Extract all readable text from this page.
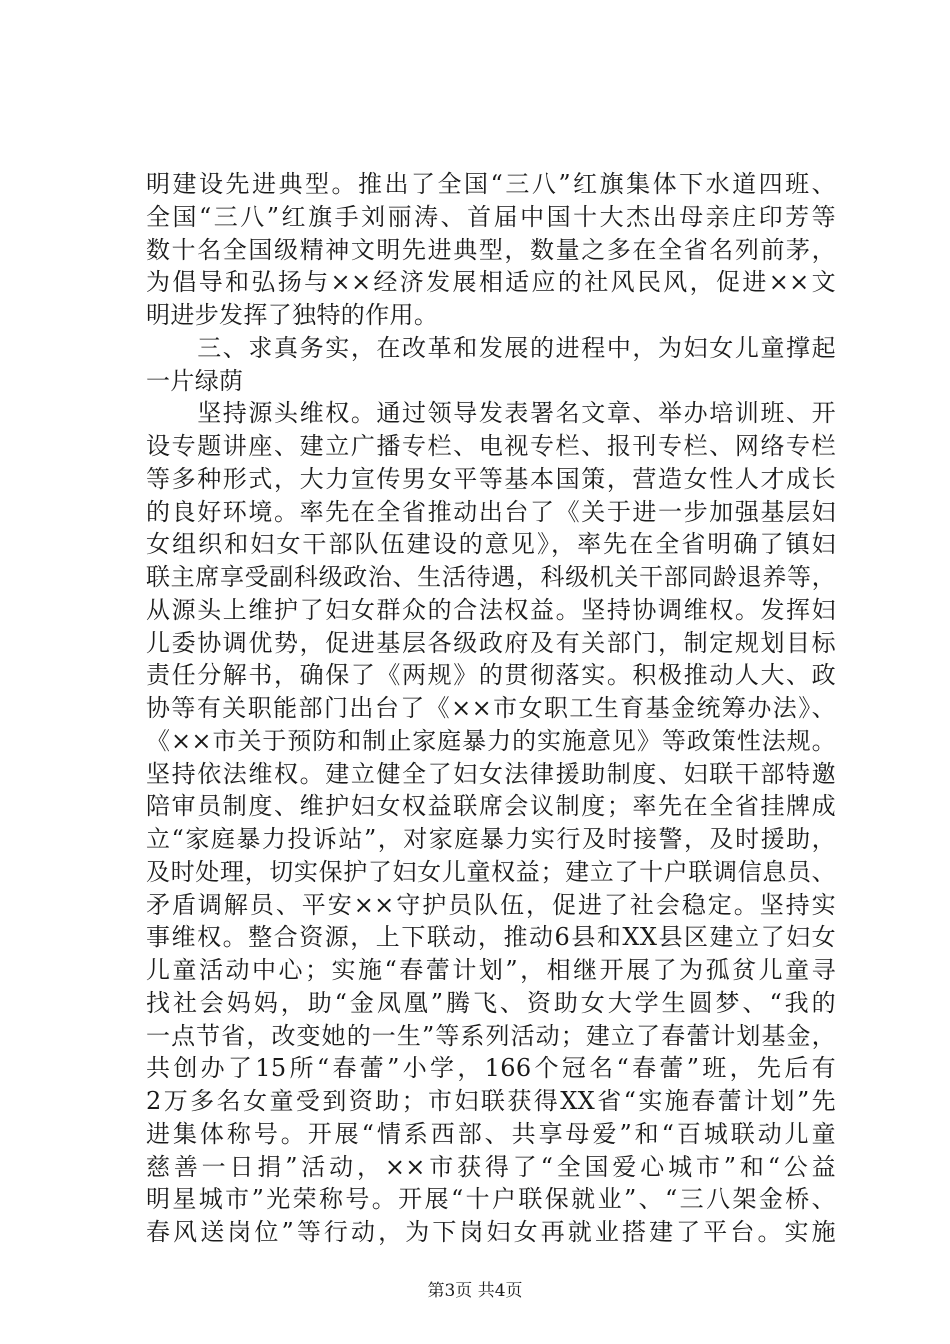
明建设先进典型。推出了全国“三八”红旗集体下水道四班、
全国“三八”红旗手刘丽涛、首届中国十大杰出母亲庄印芳等
数十名全国级精神文明先进典型，数量之多在全省名列前茅，
为倡导和弘扬与××经济发展相适应的社风民风，促进××文
明进步发挥了独特的作用。
　　三、求真务实，在改革和发展的进程中，为妇女儿童撑起
一片绿荫
　　坚持源头维权。通过领导发表署名文章、举办培训班、开
设专题讲座、建立广播专栏、电视专栏、报刊专栏、网络专栏
等多种形式，大力宣传男女平等基本国策，营造女性人才成长
的良好环境。率先在全省推动出台了《关于进一步加强基层妇
女组织和妇女干部队伍建设的意见》，率先在全省明确了镇妇
联主席享受副科级政治、生活待遇，科级机关干部同龄退养等，
从源头上维护了妇女群众的合法权益。坚持协调维权。发挥妇
儿委协调优势，促进基层各级政府及有关部门，制定规划目标
责任分解书，确保了《两规》的贯彻落实。积极推动人大、政
协等有关职能部门出台了《××市女职工生育基金统筹办法》、
《××市关于预防和制止家庭暴力的实施意见》等政策性法规。
坚持依法维权。建立健全了妇女法律援助制度、妇联干部特邀
陪审员制度、维护妇女权益联席会议制度；率先在全省挂牌成
立“家庭暴力投诉站”，对家庭暴力实行及时接警，及时援助，
及时处理，切实保护了妇女儿童权益；建立了十户联调信息员、
矛盾调解员、平安××守护员队伍，促进了社会稳定。坚持实
事维权。整合资源，上下联动，推动6县和XX县区建立了妇女
儿童活动中心；实施“春蕾计划”，相继开展了为孤贫儿童寻
找社会妈妈，助“金凤凰”腾飞、资助女大学生圆梦、“我的
一点节省，改变她的一生”等系列活动；建立了春蕾计划基金，
共创办了15所“春蕾”小学，166个冠名“春蕾”班，先后有
2万多名女童受到资助；市妇联获得XX省“实施春蕾计划”先
进集体称号。开展“情系西部、共享母爱”和“百城联动儿童
慈善一日捐”活动，××市获得了“全国爱心城市”和“公益
明星城市”光荣称号。开展“十户联保就业”、“三八架金桥、
春风送岗位”等行动，为下岗妇女再就业搭建了平台。实施
第3页 共4页
